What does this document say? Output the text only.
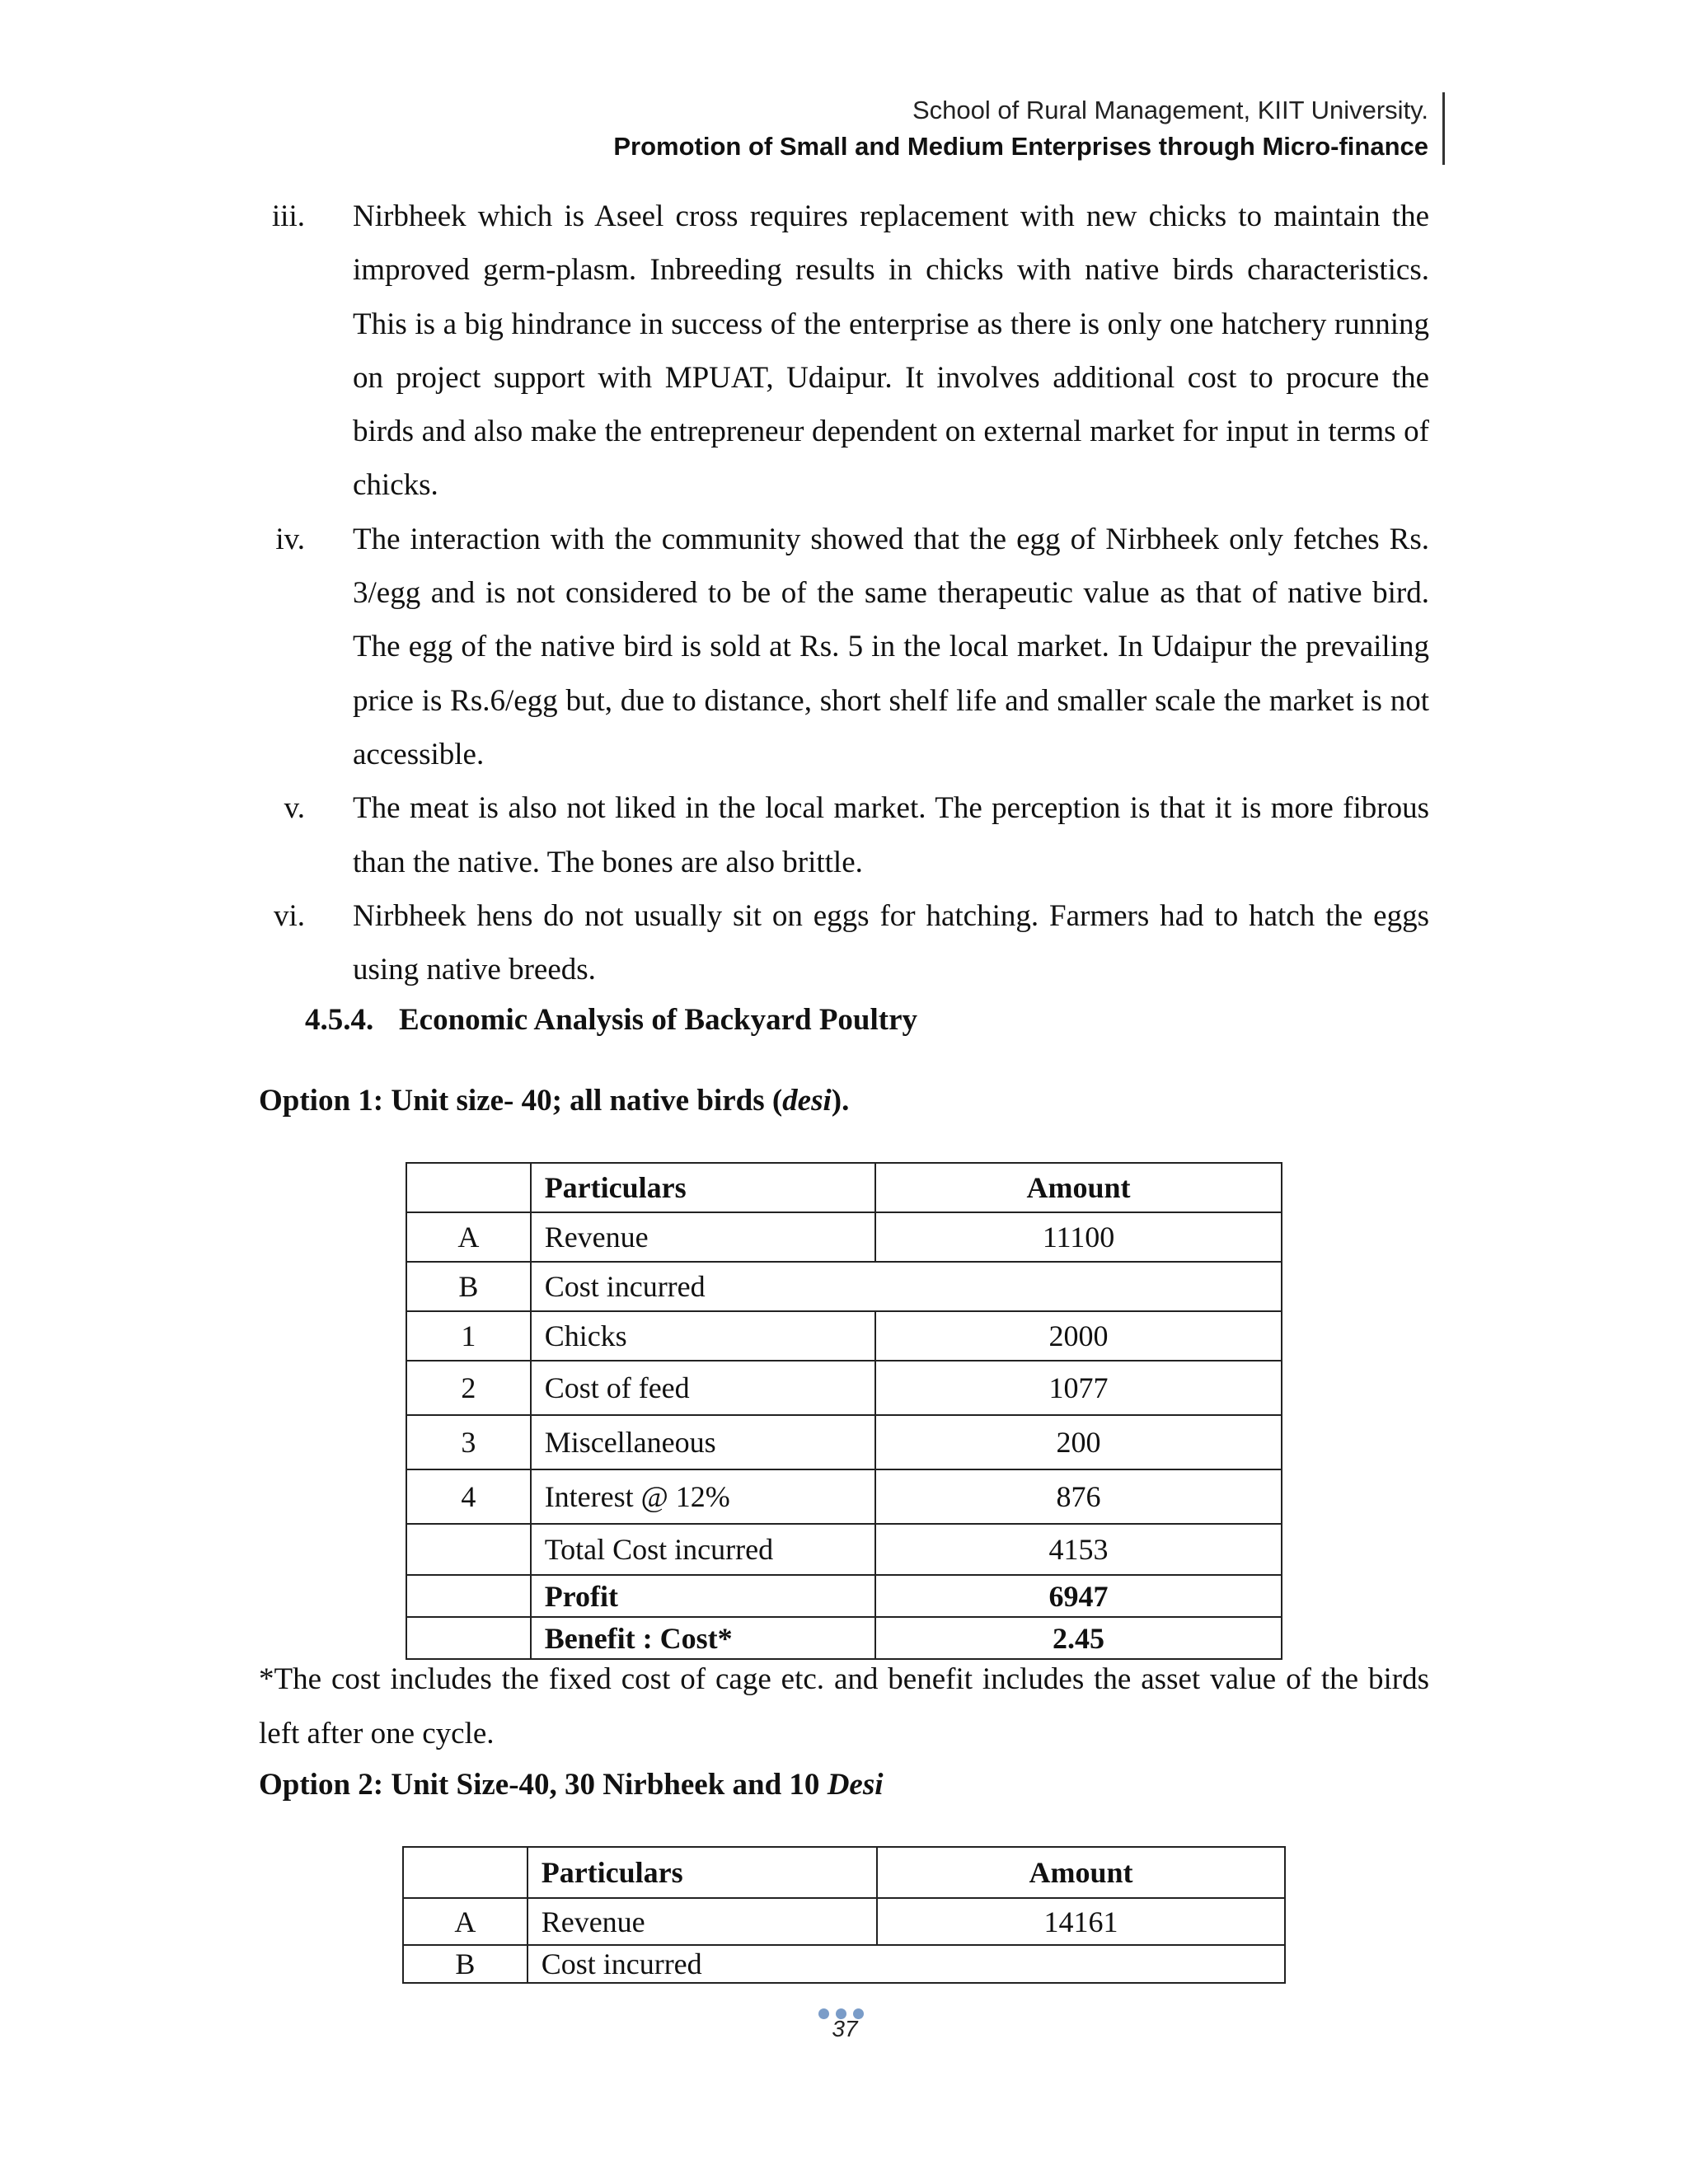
School of Rural Management, KIIT University.
Promotion of Small and Medium Enterprises through Micro-finance
iii. Nirbheek which is Aseel cross requires replacement with new chicks to maintain the improved germ-plasm. Inbreeding results in chicks with native birds characteristics. This is a big hindrance in success of the enterprise as there is only one hatchery running on project support with MPUAT, Udaipur. It involves additional cost to procure the birds and also make the entrepreneur dependent on external market for input in terms of chicks.
iv. The interaction with the community showed that the egg of Nirbheek only fetches Rs. 3/egg and is not considered to be of the same therapeutic value as that of native bird. The egg of the native bird is sold at Rs. 5 in the local market. In Udaipur the prevailing price is Rs.6/egg but, due to distance, short shelf life and smaller scale the market is not accessible.
v. The meat is also not liked in the local market. The perception is that it is more fibrous than the native. The bones are also brittle.
vi. Nirbheek hens do not usually sit on eggs for hatching. Farmers had to hatch the eggs using native breeds.
4.5.4. Economic Analysis of Backyard Poultry
Option 1: Unit size- 40; all native birds (desi).
	Particulars	Amount
A	Revenue	11100
B	Cost incurred	
1	Chicks	2000
2	Cost of feed	1077
3	Miscellaneous	200
4	Interest @ 12%	876
	Total Cost incurred	4153
	Profit	6947
	Benefit : Cost*	2.45
*The cost includes the fixed cost of cage etc. and benefit includes the asset value of the birds left after one cycle.
Option 2: Unit Size-40, 30 Nirbheek and 10 Desi
	Particulars	Amount
A	Revenue	14161
B	Cost incurred	
37
